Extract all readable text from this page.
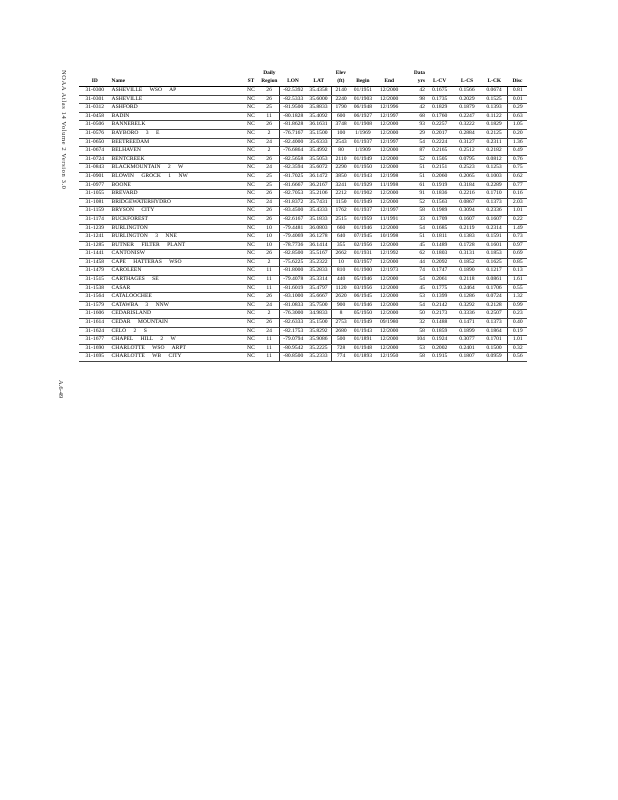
NOAA Atlas 14 Volume 2 Version 3.0
A.6-49
			Daily			Elev			Data				
ID	Name	ST	Region	LON	LAT	(ft)	Begin	End	yrs	L-CV	L-CS	L-CK	Disc
31-0300	ASHEVILLE WSO AP	NC	26	-82.5392	35.4358	2140	01/1951	12/2000	42	0.1675	0.1566	0.0674	0.81
31-0301	ASHEVILLE	NC	26	-82.5333	35.6000	2240	01/1903	12/2000	98	0.1735	0.2029	0.1525	0.01
31-0312	ASHFORD	NC	25	-81.9500	35.8833	1790	06/1948	12/1996	42	0.1829	0.1879	0.1393	0.29
31-0458	BADIN	NC	11	-80.1828	35.4092	600	06/1927	12/1997	68	0.1760	0.2247	0.1122	0.63
31-0506	BANNERELK	NC	26	-81.8628	36.1631	3748	01/1908	12/2000	93	0.2257	0.3222	0.1829	1.05
31-0576	BAYBORO 3 E	NC	2	-76.7167	35.1500	100	1/1969	12/2000	29	0.2017	0.2884	0.2125	0.20
31-0650	BEETREEDAM	NC	24	-82.4000	35.6333	2543	01/1937	12/1997	54	0.2224	0.3127	0.2311	1.36
31-0674	BELHAVEN	NC	2	-76.6864	35.4992	80	1/1909	12/2000	87	0.2165	0.2512	0.2182	0.49
31-0724	BENTCREEK	NC	26	-82.5658	35.5053	2110	01/1949	12/2000	52	0.1505	0.0795	0.0812	0.76
31-0843	BLACKMOUNTAIN 2 W	NC	24	-82.3594	35.6072	2290	01/1950	12/2000	51	0.2151	0.2523	0.1253	0.75
31-0901	BLOWIN GROCK 1 NW	NC	25	-81.7025	36.1472	3850	01/1943	12/1998	51	0.2060	0.2065	0.1003	0.62
31-0977	BOONE	NC	25	-81.6667	36.2167	3241	01/1929	11/1998	61	0.1919	0.3184	0.2289	0.77
31-1055	BREVARD	NC	26	-82.7053	35.2106	2212	01/1902	12/2000	91	0.1836	0.2216	0.1710	0.16
31-1081	BRIDGEWATERHYDRO	NC	24	-81.8372	35.7431	1150	01/1949	12/2000	52	0.1563	0.0867	0.1373	2.03
31-1159	BRYSON CITY	NC	26	-83.4500	35.4333	1762	01/1937	12/1997	58	0.1989	0.3094	0.2336	1.01
31-1174	BUCKFOREST	NC	26	-82.6167	35.1833	2515	01/1959	11/1991	33	0.1709	0.1607	0.1607	0.22
31-1239	BURLINGTON	NC	10	-79.4481	36.0803	660	01/1946	12/2000	54	0.1685	0.2119	0.2314	1.49
31-1241	BURLINGTON 3 NNE	NC	10	-79.4069	36.1278	640	07/1945	10/1998	51	0.1811	0.1383	0.1591	0.73
31-1285	BUTNER FILTER PLANT	NC	10	-78.7736	36.1414	355	02/1956	12/2000	45	0.1489	0.1728	0.1601	0.97
31-1441	CANTONISW	NC	26	-82.8500	35.5167	2662	01/1931	12/1992	62	0.1803	0.3131	0.1853	0.69
31-1458	CAPE HATTERAS WSO	NC	2	-75.6225	35.2322	10	03/1957	12/2000	44	0.2092	0.1852	0.1625	0.85
31-1479	CAROLEEN	NC	11	-81.8000	35.2833	810	01/1900	12/1973	74	0.1747	0.1890	0.1217	0.13
31-1515	CARTHAGES SE	NC	11	-79.4078	35.3314	440	05/1946	12/2000	54	0.2061	0.2118	0.0861	1.61
31-1538	CASAR	NC	11	-81.6019	35.4797	1120	03/1956	12/2000	45	0.1775	0.2464	0.1706	0.55
31-1564	CATALOOCHEE	NC	26	-83.1000	35.6667	2620	06/1945	12/2000	53	0.1399	0.1286	0.0724	1.32
31-1579	CATAWBA 3 NNW	NC	24	-81.0833	35.7500	900	01/1946	12/2000	54	0.2142	0.3292	0.2128	0.99
31-1606	CEDARISLAND	NC	2	-76.3000	34.9833	8	05/1950	12/2000	50	0.2173	0.3336	0.2507	0.23
31-1614	CEDAR MOUNTAIN	NC	26	-82.6333	35.1500	2753	01/1949	09/1980	32	0.1488	0.1471	0.1373	0.40
31-1624	CELO 2 S	NC	24	-82.1753	35.8292	2680	01/1943	12/2000	58	0.1859	0.1899	0.1864	0.19
31-1677	CHAPEL HILL 2 W	NC	11	-79.0794	35.9086	500	01/1891	12/2000	104	0.1924	0.3077	0.1701	1.01
31-1690	CHARLOTTE WSO ARPT	NC	11	-80.9542	35.2225	728	01/1948	12/2000	53	0.2002	0.2401	0.1500	0.32
31-1695	CHARLOTTE WB CITY	NC	11	-80.8500	35.2333	774	01/1893	12/1950	58	0.1915	0.1807	0.0959	0.56
